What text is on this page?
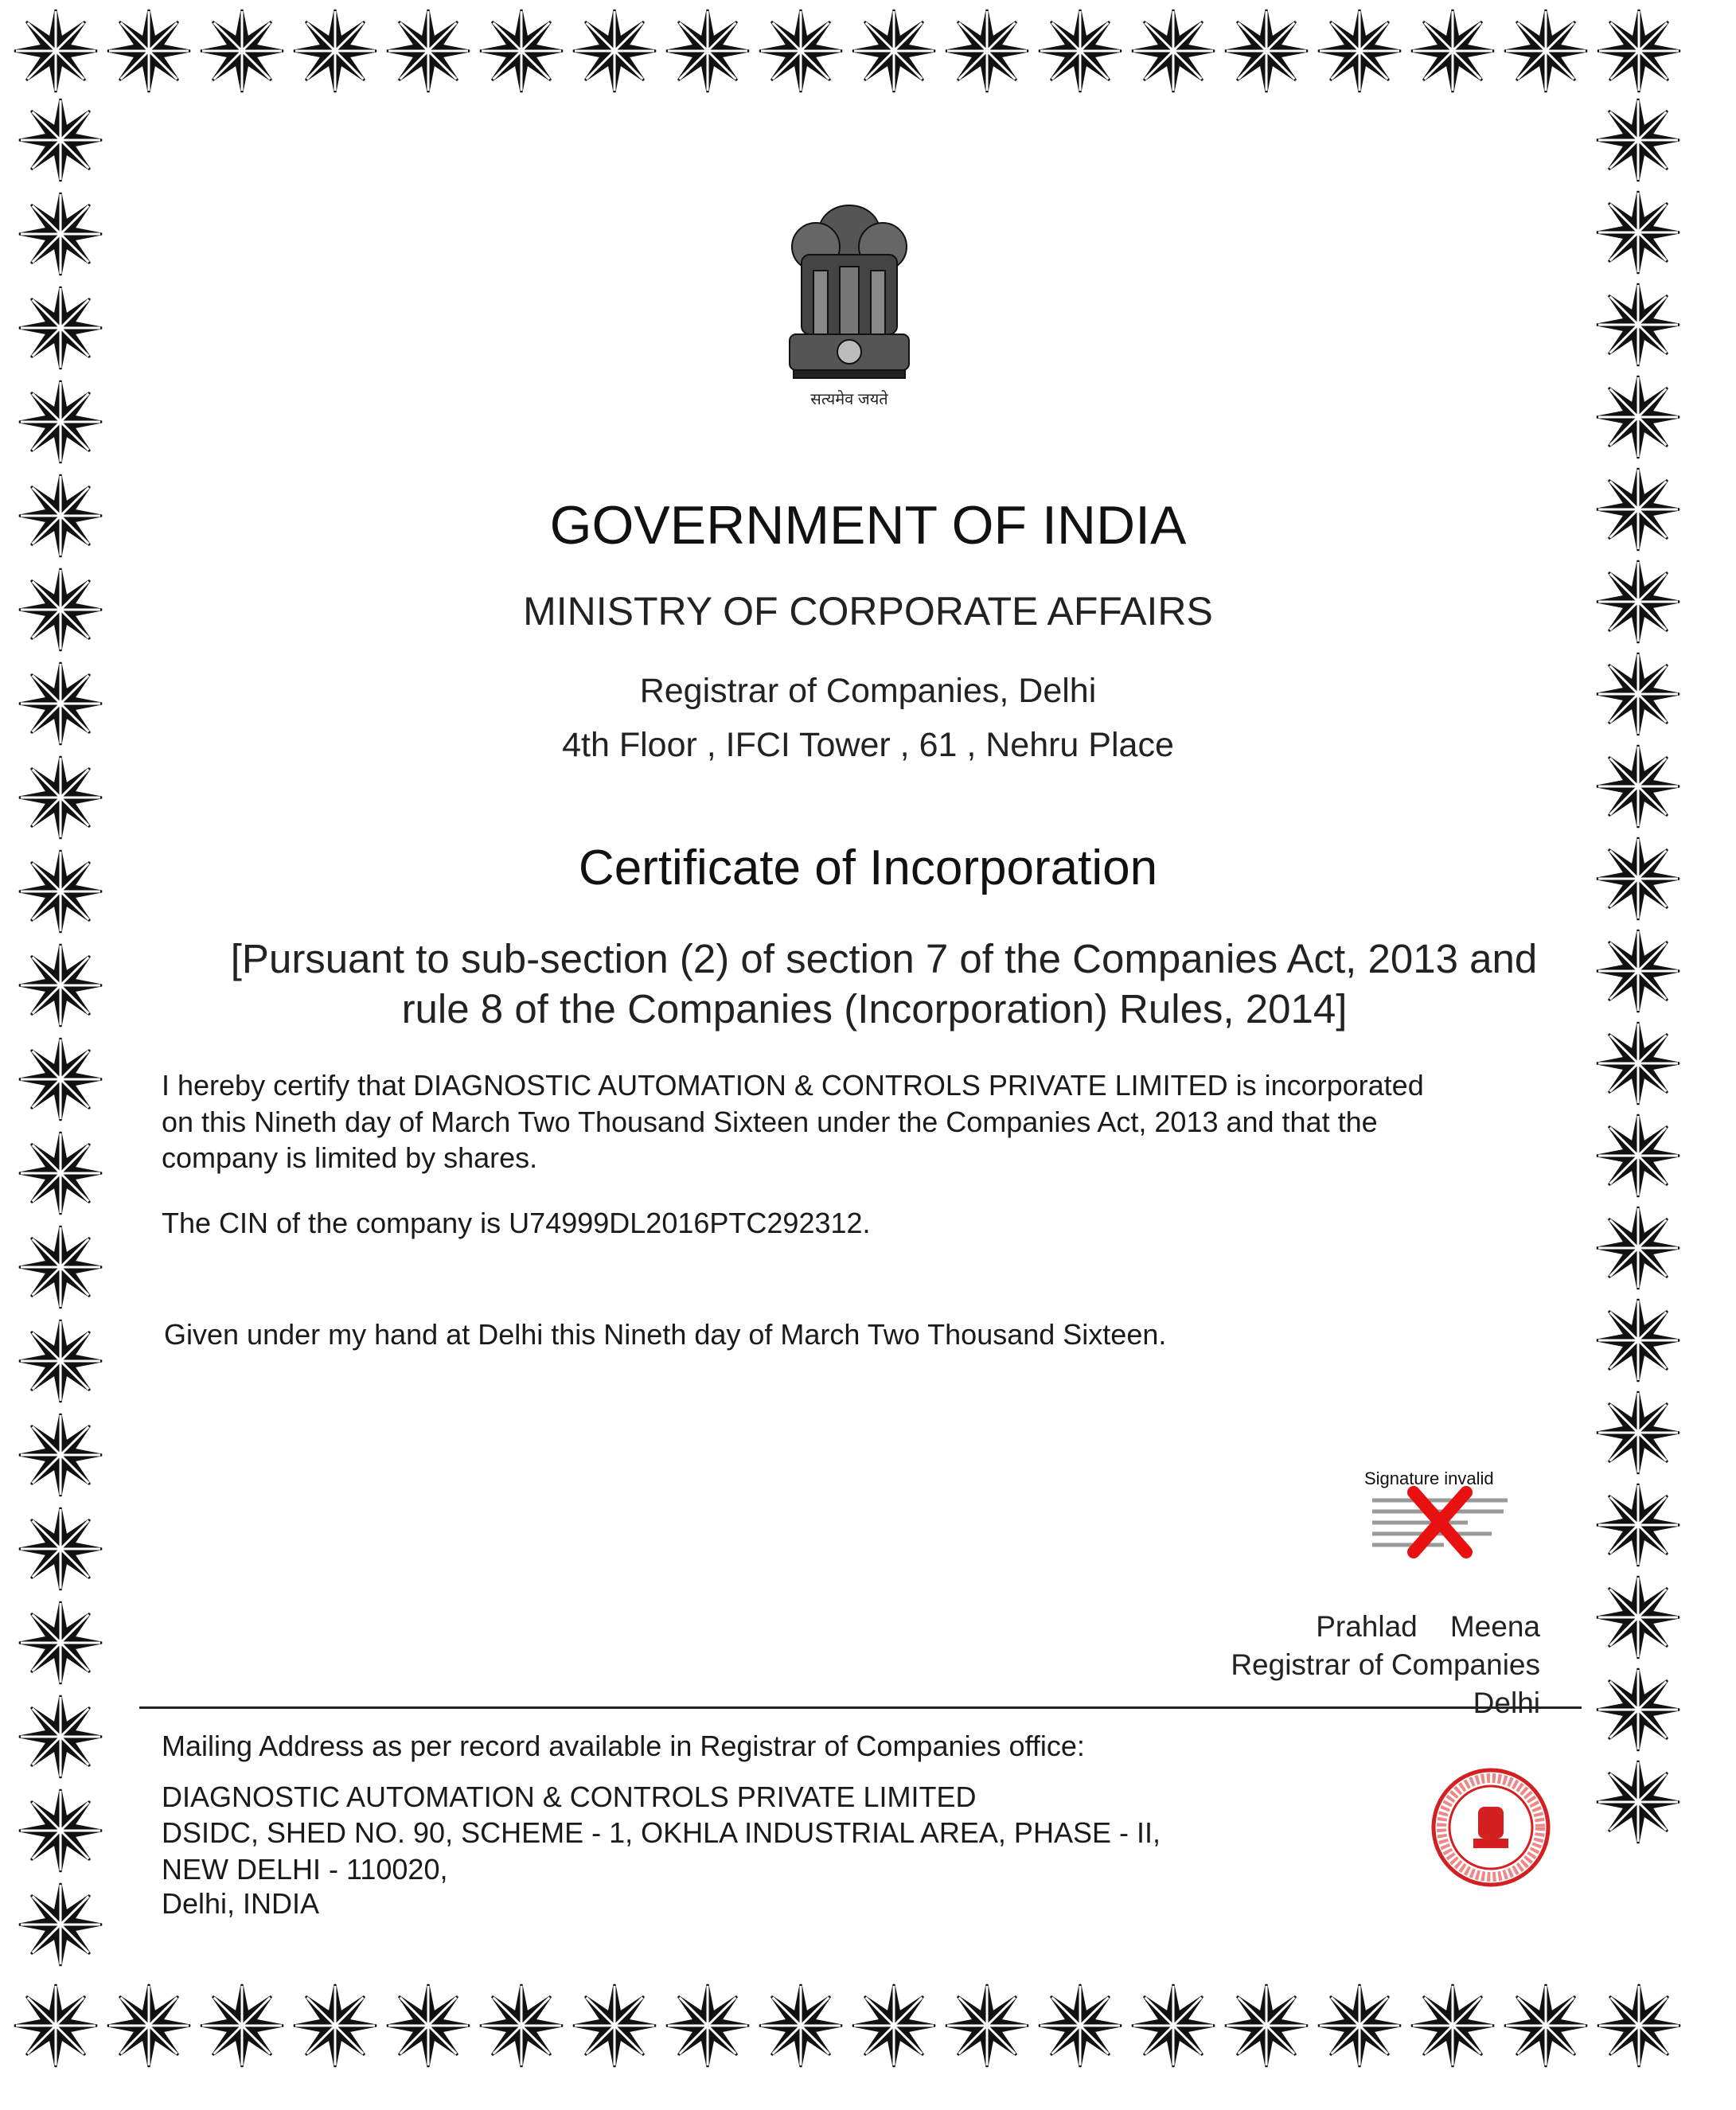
सत्यमेव जयते
GOVERNMENT OF INDIA
MINISTRY OF CORPORATE AFFAIRS
Registrar of Companies, Delhi
4th Floor , IFCI Tower , 61 , Nehru Place
Certificate of Incorporation
[Pursuant to sub-section (2) of section 7 of the Companies Act, 2013 and
rule 8 of the Companies (Incorporation) Rules, 2014]
I hereby certify that DIAGNOSTIC AUTOMATION & CONTROLS PRIVATE LIMITED is incorporated
on this Nineth day of March Two Thousand Sixteen under the Companies Act, 2013 and that the
company is limited by shares.
The CIN of the company is U74999DL2016PTC292312.
Given under my hand at Delhi this Nineth day of March Two Thousand Sixteen.
Signature invalid
Prahlad Meena
Registrar of Companies
Delhi
Mailing Address as per record available in Registrar of Companies office:
DIAGNOSTIC AUTOMATION & CONTROLS PRIVATE LIMITED
DSIDC, SHED NO. 90, SCHEME - 1, OKHLA INDUSTRIAL AREA, PHASE - II,
NEW DELHI - 110020,
Delhi, INDIA
